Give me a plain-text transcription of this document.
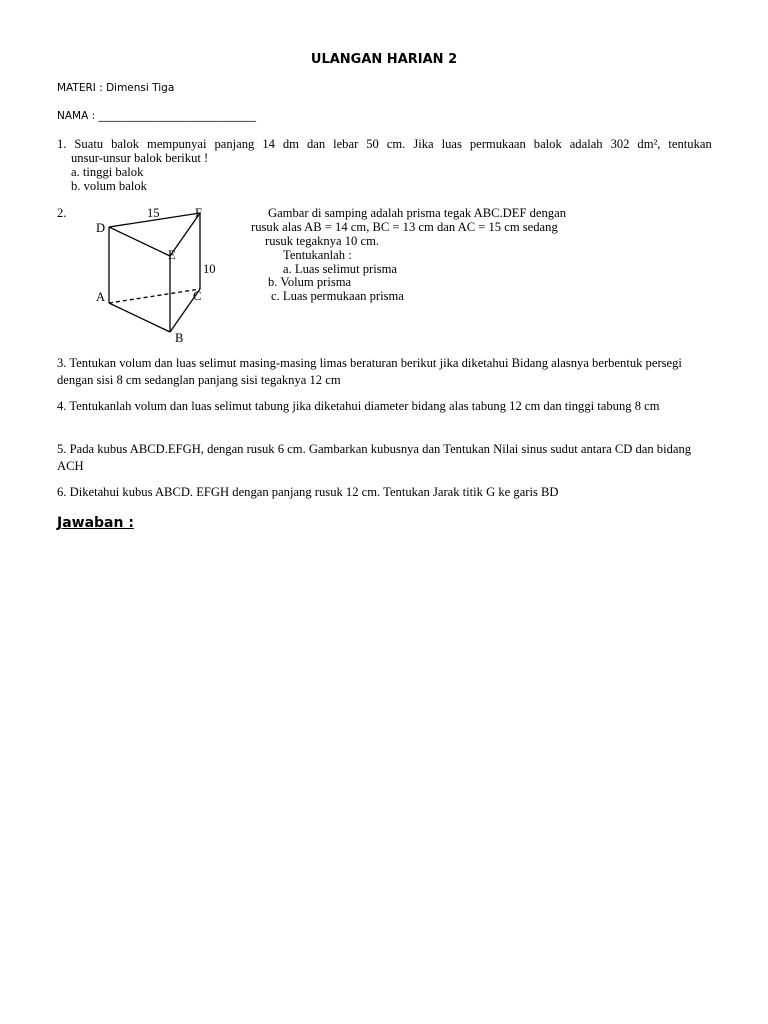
ULANGAN HARIAN 2
MATERI : Dimensi Tiga
NAMA : ______________________________
1. Suatu balok mempunyai panjang 14 dm dan lebar 50 cm. Jika luas permukaan balok adalah 302 dm², tentukan
unsur-unsur balok berikut !
a. tinggi balok
b. volum balok
2.	15
D
F
E
10
A	C
B
Gambar di samping adalah prisma tegak ABC.DEF dengan
rusuk alas AB = 14 cm, BC = 13 cm dan AC = 15 cm sedang
rusuk tegaknya 10 cm.
Tentukanlah :
a. Luas selimut prisma
b. Volum prisma
c. Luas permukaan prisma
3. Tentukan volum dan luas selimut masing-masing limas beraturan berikut jika diketahui Bidang alasnya berbentuk persegi dengan sisi 8 cm sedanglan panjang sisi tegaknya 12 cm
4. Tentukanlah volum dan luas selimut tabung jika diketahui diameter bidang alas tabung 12 cm dan tinggi tabung 8 cm
5. Pada kubus ABCD.EFGH, dengan rusuk 6 cm. Gambarkan kubusnya dan Tentukan Nilai sinus sudut antara CD dan bidang ACH
6. Diketahui kubus ABCD. EFGH dengan panjang rusuk 12 cm. Tentukan Jarak titik G ke garis BD
Jawaban :
